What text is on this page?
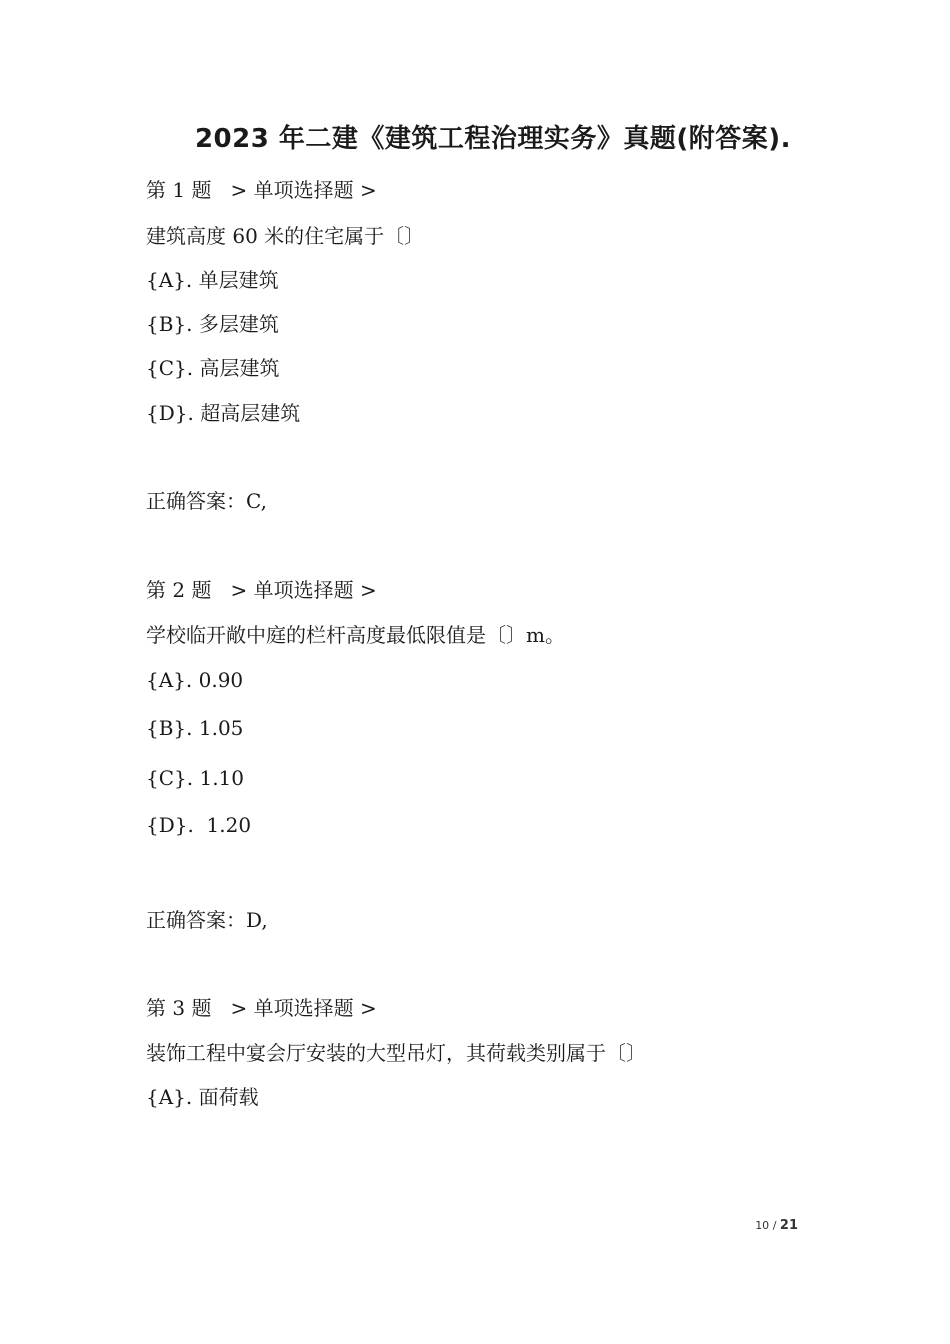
2023 年二建《建筑工程治理实务》真题(附答案).
第 1 题   > 单项选择题 >
建筑高度 60 米的住宅属于〔〕
{A}. 单层建筑
{B}. 多层建筑
{C}. 高层建筑
{D}. 超高层建筑
正确答案：C,
第 2 题   > 单项选择题 >
学校临开敞中庭的栏杆高度最低限值是〔〕m。
{A}. 0.90
{B}. 1.05
{C}. 1.10
{D}.  1.20
正确答案：D,
第 3 题   > 单项选择题 >
装饰工程中宴会厅安装的大型吊灯，其荷载类别属于〔〕
{A}. 面荷载
10 / 21
